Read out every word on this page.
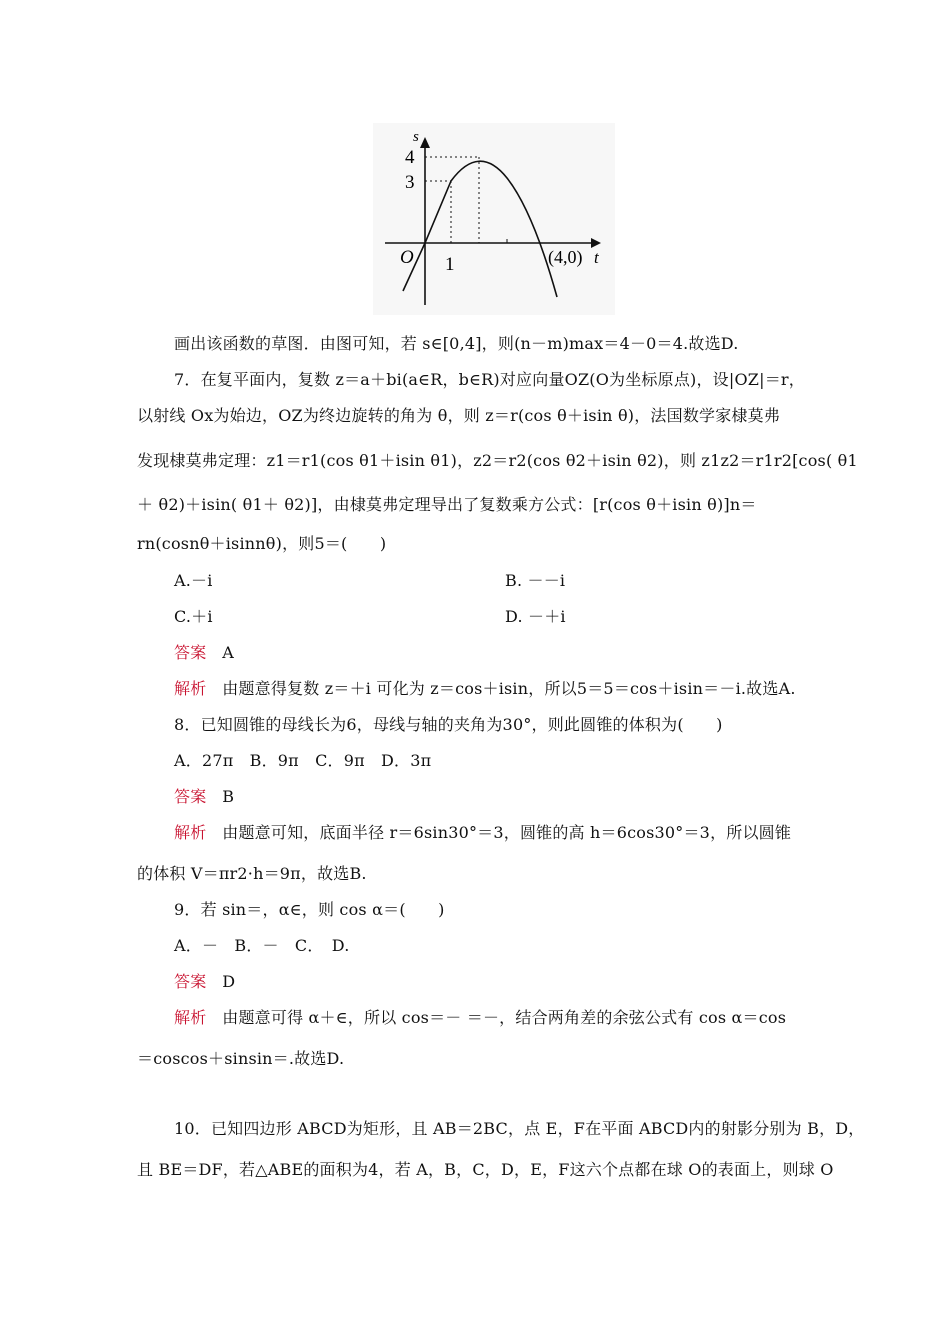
s
4
3
O 1	(4,0) t
画出该函数的草图．由图可知，若 s∈[0,4]，则(n－m)max＝4－0＝4.故选D.
7．在复平面内，复数 z＝a＋bi(a∈R，b∈R)对应向量OZ(O为坐标原点)，设|OZ|＝r，
以射线 Ox为始边，OZ为终边旋转的角为 θ，则 z＝r(cos θ＋isin θ)，法国数学家棣莫弗
发现棣莫弗定理：z1＝r1(cos θ1＋isin θ1)，z2＝r2(cos θ2＋isin θ2)，则 z1z2＝r1r2[cos( θ1
＋ θ2)＋isin( θ1＋ θ2)]，由棣莫弗定理导出了复数乘方公式：[r(cos θ＋isin θ)]n＝
rn(cosnθ＋isinnθ)，则5＝(　　)
A.－i	B. －－i
C.＋i	D. －＋i
答案 A
解析 由题意得复数 z＝＋i 可化为 z＝cos＋isin，所以5＝5＝cos＋isin＝－i.故选A.
8．已知圆锥的母线长为6，母线与轴的夹角为30°，则此圆锥的体积为(　　)
A．27π　B．9π　C．9π　D．3π
答案 B
解析 由题意可知，底面半径 r＝6sin30°＝3，圆锥的高 h＝6cos30°＝3，所以圆锥
的体积 V＝πr2·h＝9π，故选B.
9．若 sin＝，α∈，则 cos α＝(　　)
A．－　B．－　C．　D.
答案 D
解析 由题意可得 α＋∈，所以 cos＝－ ＝－，结合两角差的余弦公式有 cos α＝cos
＝coscos＋sinsin＝.故选D.
10．已知四边形 ABCD为矩形，且 AB＝2BC，点 E，F在平面 ABCD内的射影分别为 B，D，
且 BE＝DF，若△ABE的面积为4，若 A，B，C，D，E，F这六个点都在球 O的表面上，则球 O
